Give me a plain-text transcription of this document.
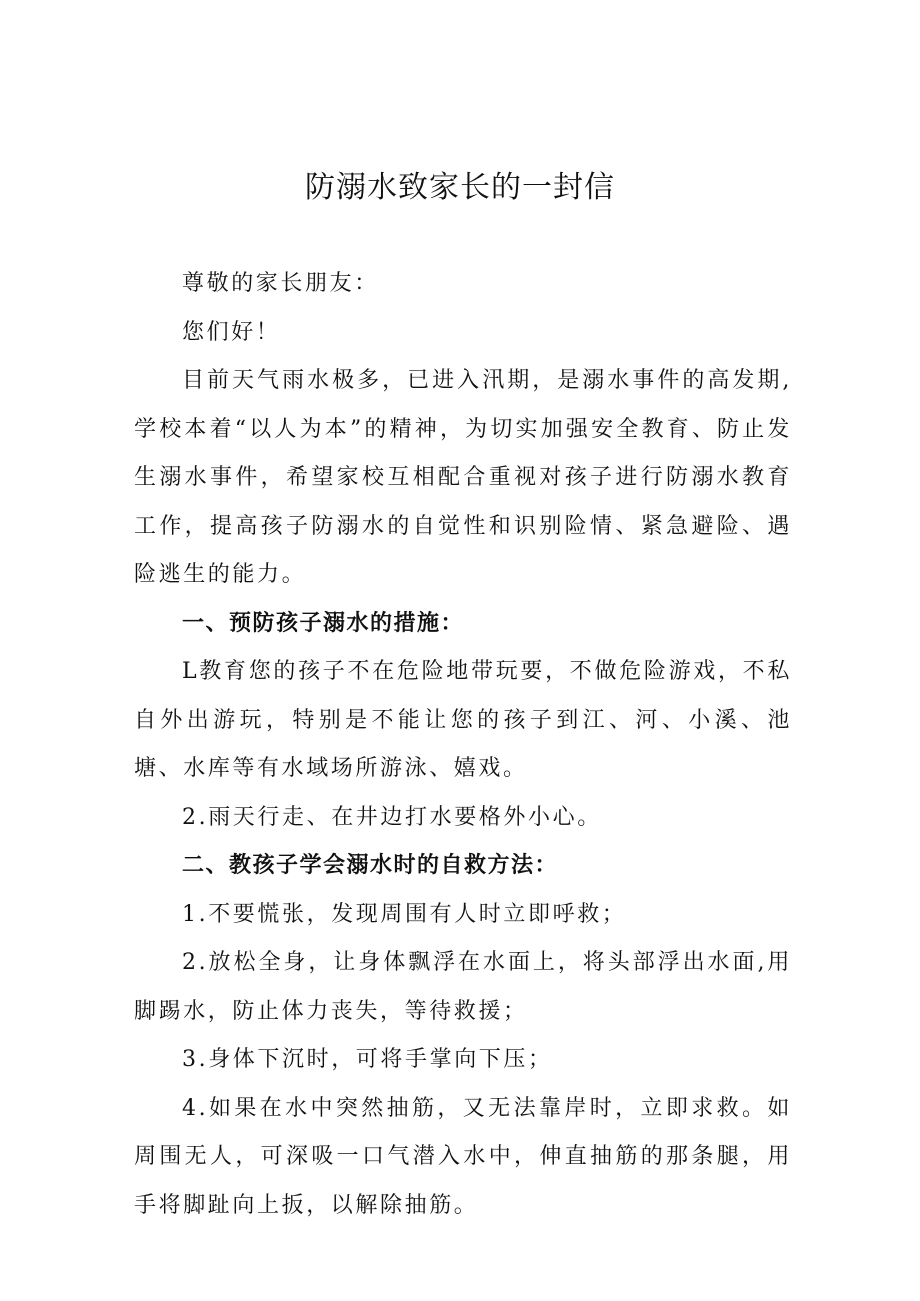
防溺水致家长的一封信

尊敬的家长朋友：

您们好！

目前天气雨水极多，已进入汛期，是溺水事件的高发期,学校本着“以人为本”的精神，为切实加强安全教育、防止发生溺水事件，希望家校互相配合重视对孩子进行防溺水教育工作，提高孩子防溺水的自觉性和识别险情、紧急避险、遇险逃生的能力。

一、预防孩子溺水的措施：

L教育您的孩子不在危险地带玩要，不做危险游戏，不私自外出游玩，特别是不能让您的孩子到江、河、小溪、池塘、水库等有水域场所游泳、嬉戏。

2.雨天行走、在井边打水要格外小心。

二、教孩子学会溺水时的自救方法：

1.不要慌张，发现周围有人时立即呼救；

2.放松全身，让身体飘浮在水面上，将头部浮出水面,用脚踢水，防止体力丧失，等待救援；

3.身体下沉时，可将手掌向下压；

4.如果在水中突然抽筋，又无法靠岸时，立即求救。如周围无人，可深吸一口气潜入水中，伸直抽筋的那条腿，用手将脚趾向上扳，以解除抽筋。
